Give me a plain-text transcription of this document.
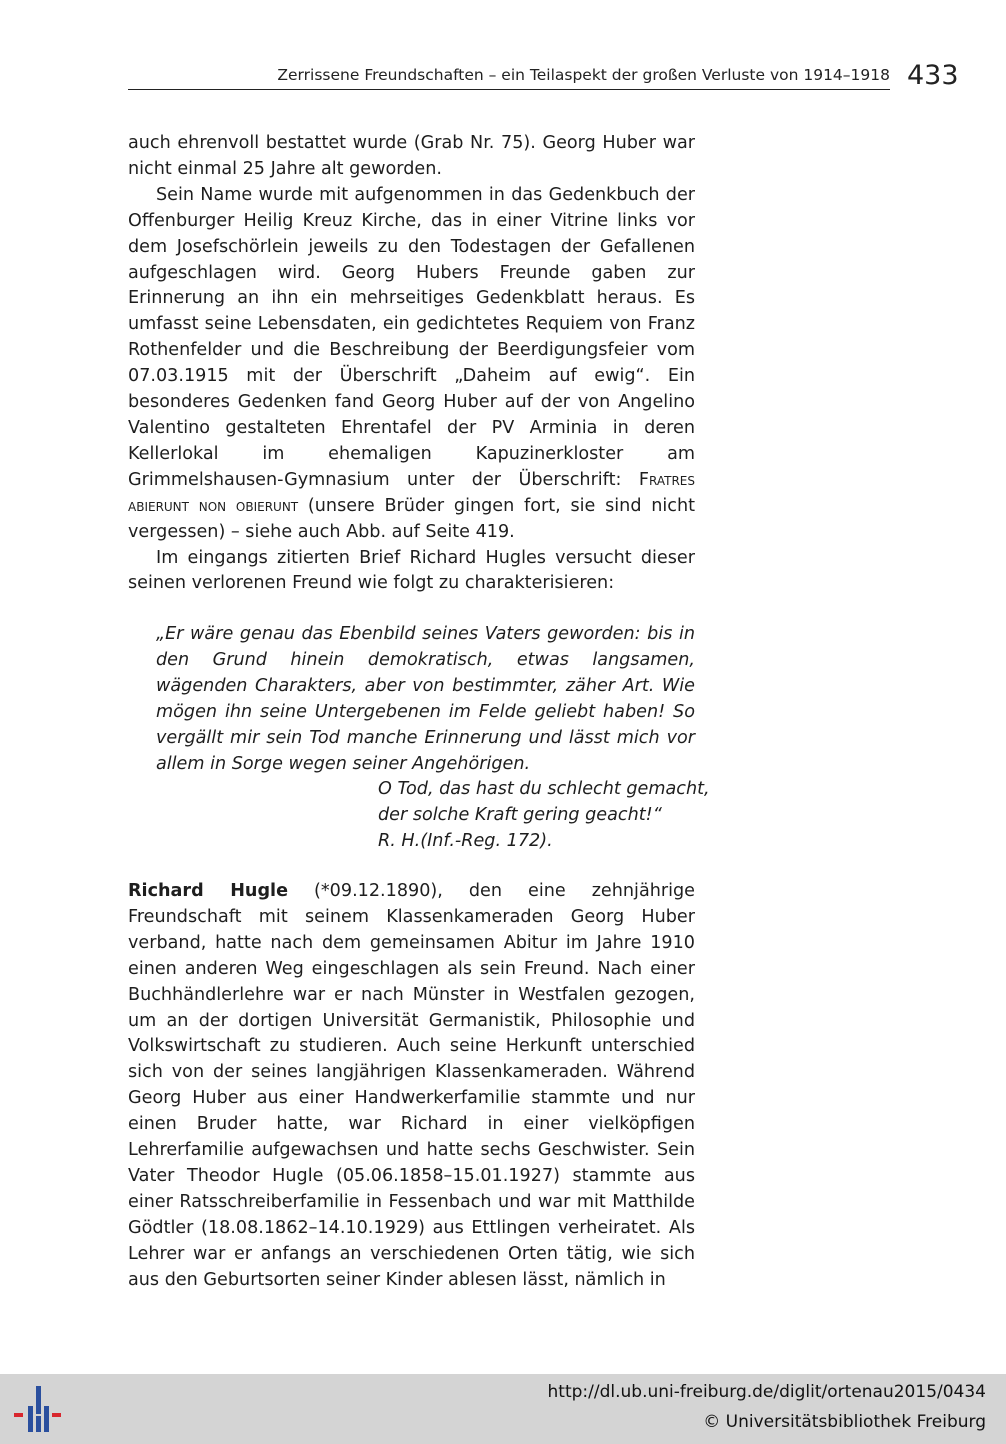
Zerrissene Freundschaften – ein Teilaspekt der großen Verluste von 1914–1918 433

auch ehrenvoll bestattet wurde (Grab Nr. 75). Georg Huber war nicht einmal 25 Jahre alt geworden.

Sein Name wurde mit aufgenommen in das Gedenkbuch der Offenburger Heilig Kreuz Kirche, das in einer Vitrine links vor dem Josefschörlein jeweils zu den Todestagen der Gefallenen aufgeschlagen wird. Georg Hubers Freunde gaben zur Erinnerung an ihn ein mehrseitiges Gedenkblatt heraus. Es umfasst seine Lebensdaten, ein gedichtetes Requiem von Franz Rothenfelder und die Beschreibung der Beerdigungsfeier vom 07.03.1915 mit der Überschrift „Daheim auf ewig“. Ein besonderes Gedenken fand Georg Huber auf der von Angelino Valentino gestalteten Ehrentafel der PV Arminia in deren Kellerlokal im ehemaligen Kapuzinerkloster am Grimmelshausen-Gymnasium unter der Überschrift: Fratres abierunt non obierunt (unsere Brüder gingen fort, sie sind nicht vergessen) – siehe auch Abb. auf Seite 419.

Im eingangs zitierten Brief Richard Hugles versucht dieser seinen verlorenen Freund wie folgt zu charakterisieren:

„Er wäre genau das Ebenbild seines Vaters geworden: bis in den Grund hinein demokratisch, etwas langsamen, wägenden Charakters, aber von bestimmter, zäher Art. Wie mögen ihn seine Untergebenen im Felde geliebt haben! So vergällt mir sein Tod manche Erinnerung und lässt mich vor allem in Sorge wegen seiner Angehörigen.
O Tod, das hast du schlecht gemacht,
der solche Kraft gering geacht!“
R. H.(Inf.-Reg. 172).

Richard Hugle (*09.12.1890), den eine zehnjährige Freundschaft mit seinem Klassenkameraden Georg Huber verband, hatte nach dem gemeinsamen Abitur im Jahre 1910 einen anderen Weg eingeschlagen als sein Freund. Nach einer Buchhändlerlehre war er nach Münster in Westfalen gezogen, um an der dortigen Universität Germanistik, Philosophie und Volkswirtschaft zu studieren. Auch seine Herkunft unterschied sich von der seines langjährigen Klassenkameraden. Während Georg Huber aus einer Handwerkerfamilie stammte und nur einen Bruder hatte, war Richard in einer vielköpfigen Lehrerfamilie aufgewachsen und hatte sechs Geschwister. Sein Vater Theodor Hugle (05.06.1858–15.01.1927) stammte aus einer Ratsschreiberfamilie in Fessenbach und war mit Matthilde Gödtler (18.08.1862–14.10.1929) aus Ettlingen verheiratet. Als Lehrer war er anfangs an verschiedenen Orten tätig, wie sich aus den Geburtsorten seiner Kinder ablesen lässt, nämlich in

http://dl.ub.uni-freiburg.de/diglit/ortenau2015/0434
© Universitätsbibliothek Freiburg
